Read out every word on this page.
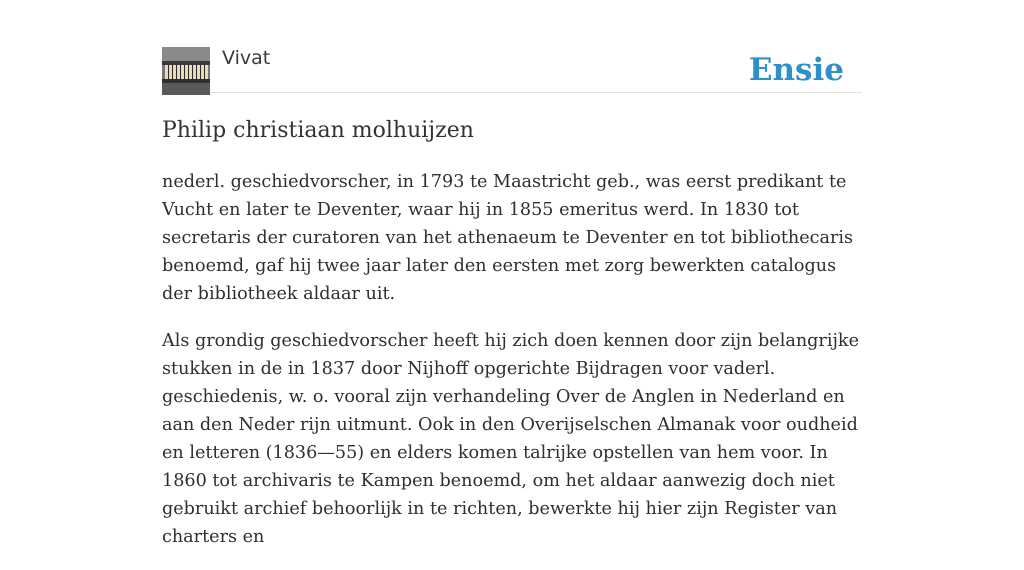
Vivat	Ensie
Philip christiaan molhuijzen

nederl. geschiedvorscher, in 1793 te Maastricht geb., was eerst predikant te Vucht en later te Deventer, waar hij in 1855 emeritus werd. In 1830 tot secretaris der curatoren van het athenaeum te Deventer en tot bibliothecaris benoemd, gaf hij twee jaar later den eersten met zorg bewerkten catalogus der bibliotheek aldaar uit.

Als grondig geschiedvorscher heeft hij zich doen kennen door zijn belangrijke stukken in de in 1837 door Nijhoff opgerichte Bijdragen voor vaderl. geschiedenis, w. o. vooral zijn verhandeling Over de Anglen in Nederland en aan den Neder rijn uitmunt. Ook in den Overijselschen Almanak voor oudheid en letteren (1836—55) en elders komen talrijke opstellen van hem voor. In 1860 tot archivaris te Kampen benoemd, om het aldaar aanwezig doch niet gebruikt archief behoorlijk in te richten, bewerkte hij hier zijn Register van charters en
